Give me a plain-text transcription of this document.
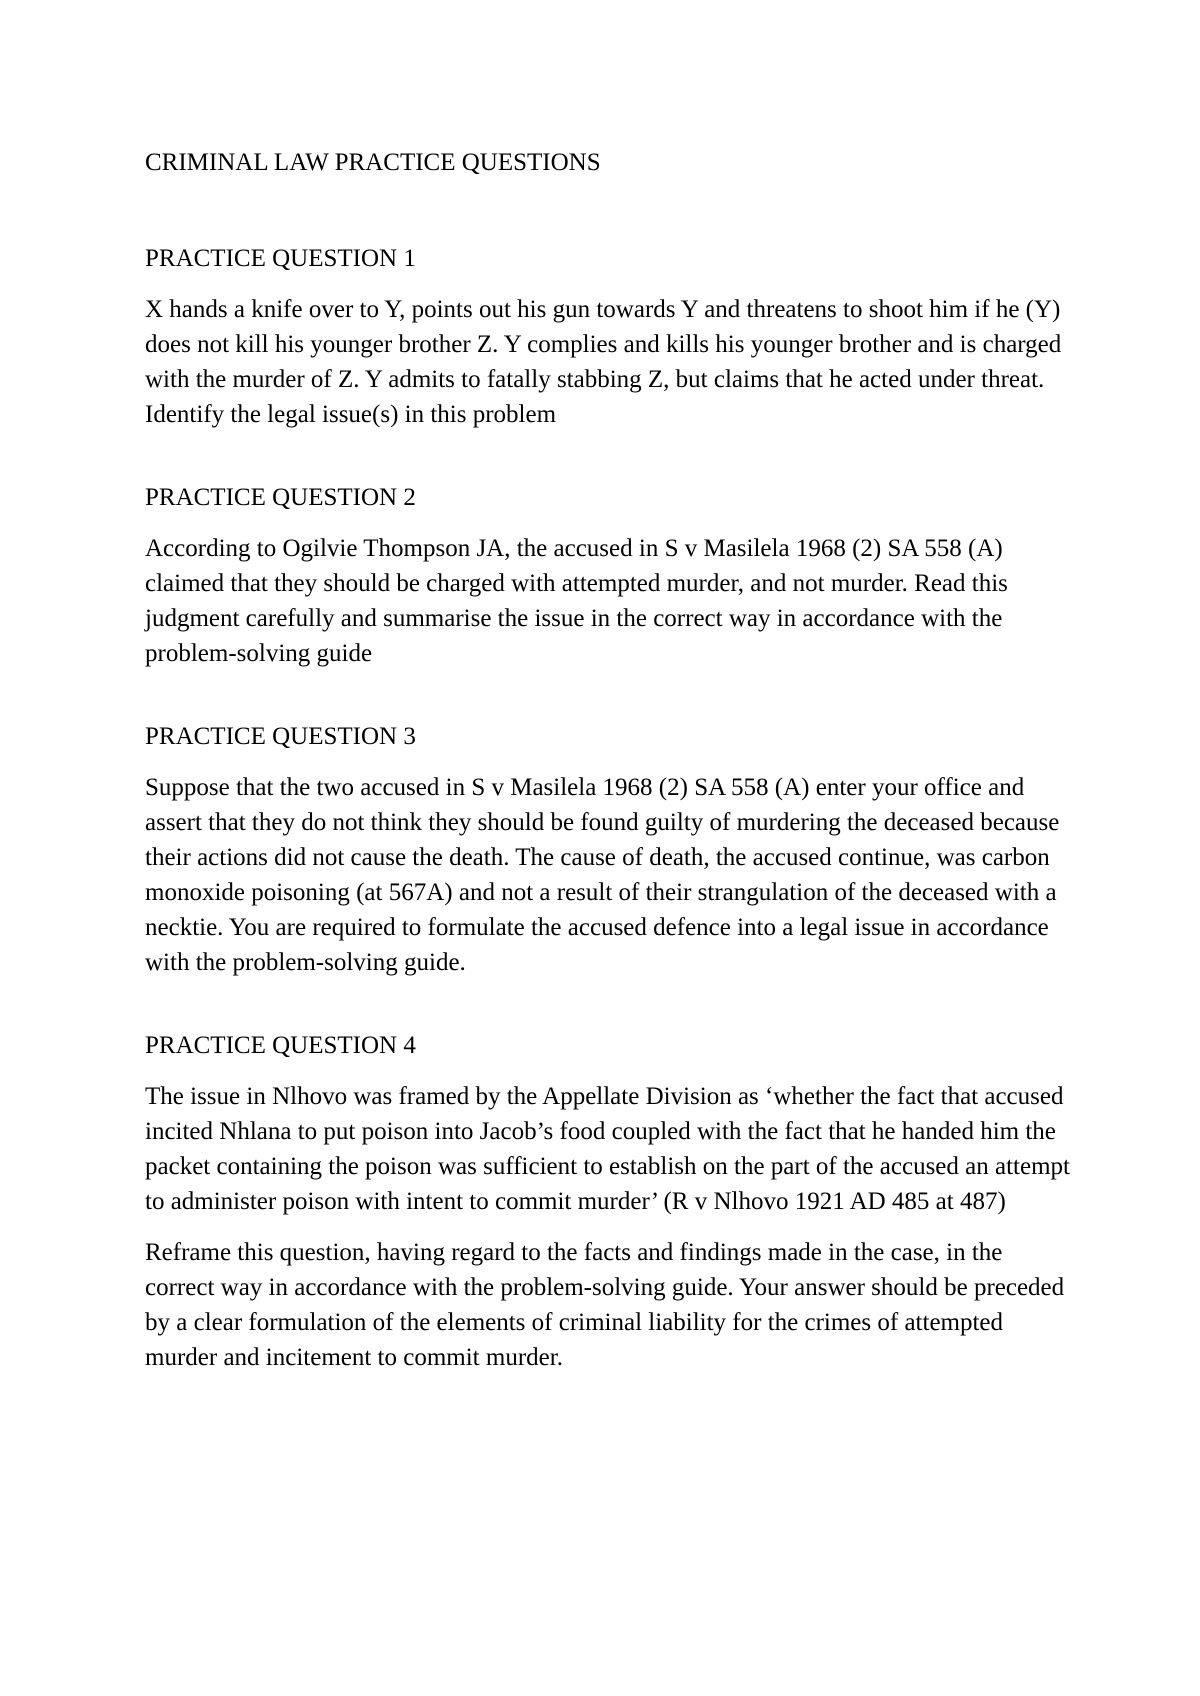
CRIMINAL LAW PRACTICE QUESTIONS
PRACTICE QUESTION 1

X hands a knife over to Y, points out his gun towards Y and threatens to shoot him if he (Y) does not kill his younger brother Z. Y complies and kills his younger brother and is charged with the murder of Z. Y admits to fatally stabbing Z, but claims that he acted under threat. Identify the legal issue(s) in this problem

PRACTICE QUESTION 2

According to Ogilvie Thompson JA, the accused in S v Masilela 1968 (2) SA 558 (A) claimed that they should be charged with attempted murder, and not murder. Read this judgment carefully and summarise the issue in the correct way in accordance with the problem-solving guide

PRACTICE QUESTION 3

Suppose that the two accused in S v Masilela 1968 (2) SA 558 (A) enter your office and assert that they do not think they should be found guilty of murdering the deceased because their actions did not cause the death. The cause of death, the accused continue, was carbon monoxide poisoning (at 567A) and not a result of their strangulation of the deceased with a necktie. You are required to formulate the accused defence into a legal issue in accordance with the problem-solving guide.

PRACTICE QUESTION 4

The issue in Nlhovo was framed by the Appellate Division as ‘whether the fact that accused incited Nhlana to put poison into Jacob’s food coupled with the fact that he handed him the packet containing the poison was sufficient to establish on the part of the accused an attempt to administer poison with intent to commit murder’ (R v Nlhovo 1921 AD 485 at 487)

Reframe this question, having regard to the facts and findings made in the case, in the correct way in accordance with the problem-solving guide. Your answer should be preceded by a clear formulation of the elements of criminal liability for the crimes of attempted murder and incitement to commit murder.
